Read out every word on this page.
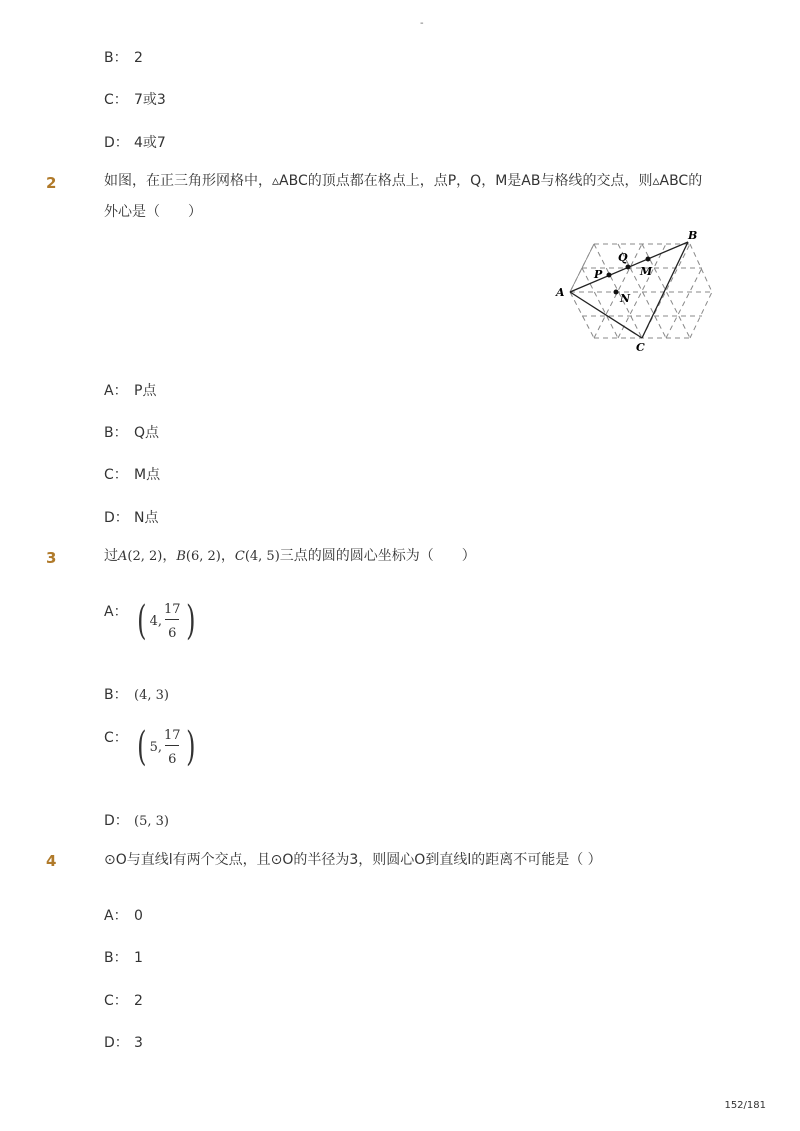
-
B： 2
C： 7或3
D： 4或7
2	如图，在正三角形网格中，▵ABC的顶点都在格点上，点P，Q，M是AB与格线的交点，则▵ABC的外心是（　　）
A
B
C
P
Q
M
N
A： P点
B： Q点
C： M点
D： N点
3	过A(2, 2)，B(6, 2)，C(4, 5)三点的圆的圆心坐标为（　　）
A： ( 4, $\frac{17}{6}$ )
B： (4, 3)
C： ( 5, $\frac{17}{6}$ )
D： (5, 3)
4	⊙O与直线l有两个交点，且⊙O的半径为3，则圆心O到直线l的距离不可能是（ ）
A： 0
B： 1
C： 2
D： 3
152/181
